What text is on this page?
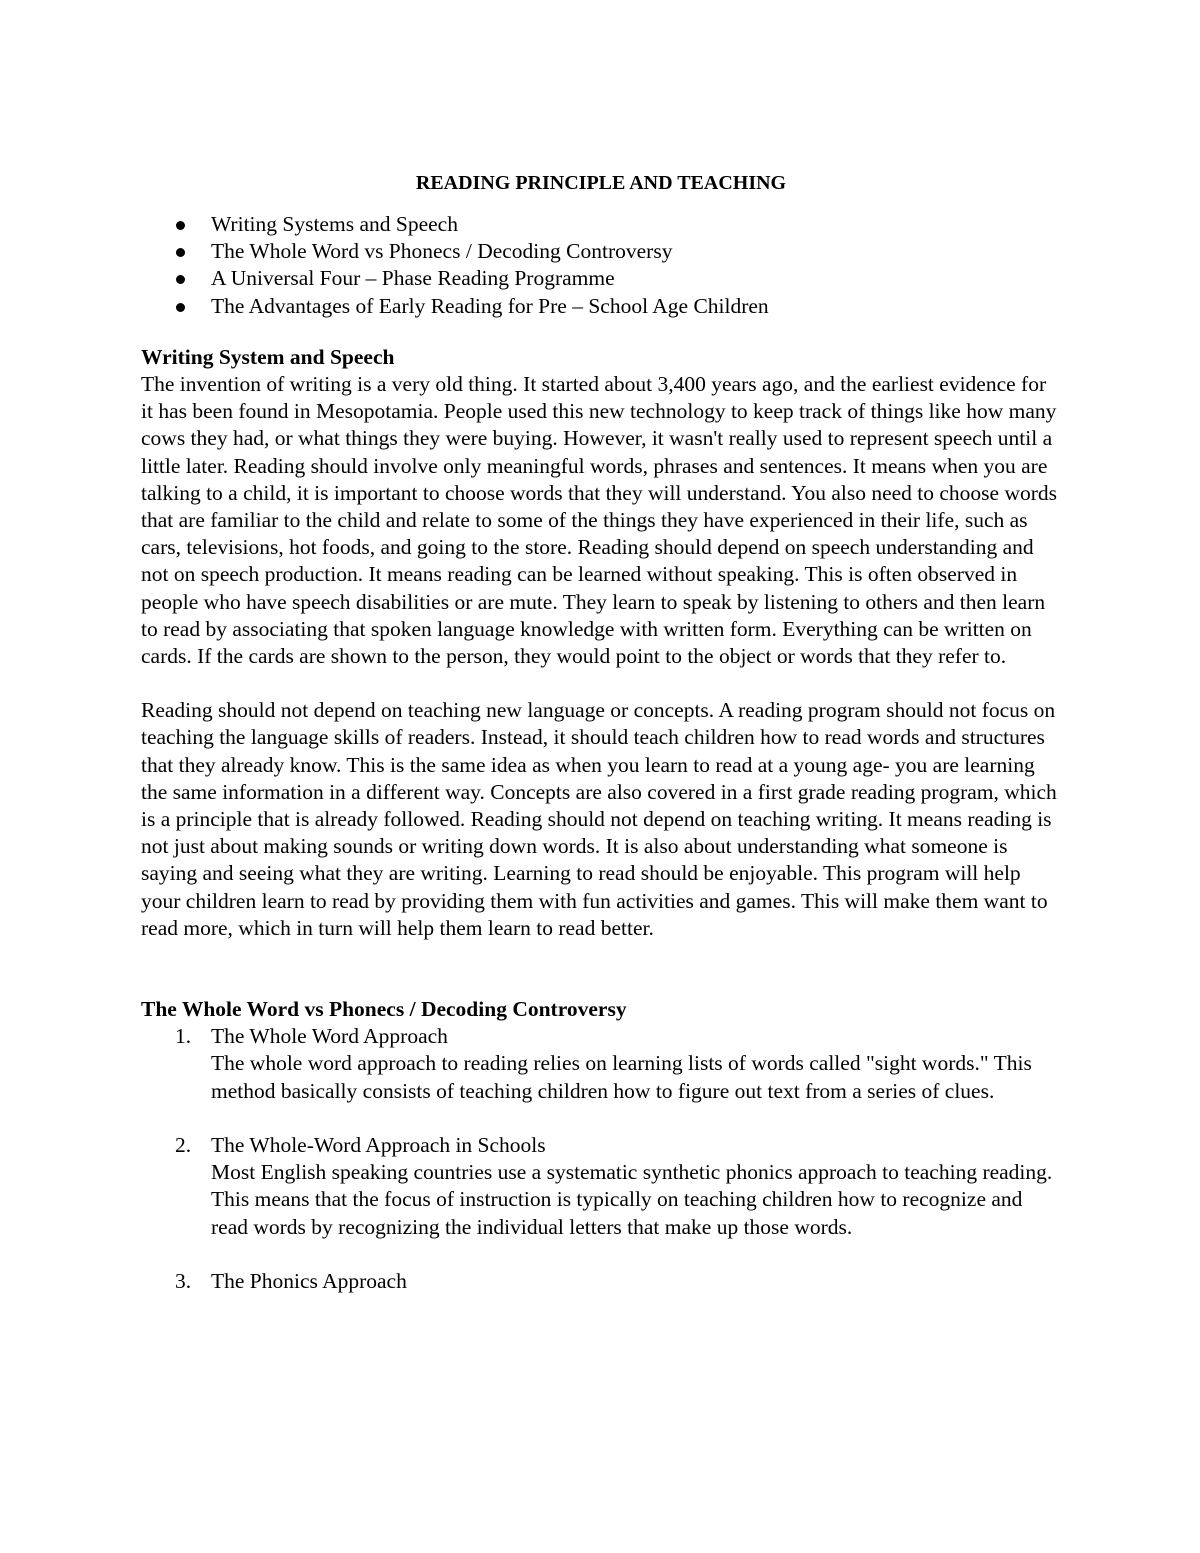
READING PRINCIPLE AND TEACHING
Writing Systems and Speech
The Whole Word vs Phonecs / Decoding Controversy
A Universal Four – Phase Reading Programme
The Advantages of Early Reading for Pre – School Age Children

Writing System and Speech

The invention of writing is a very old thing. It started about 3,400 years ago, and the earliest evidence for it has been found in Mesopotamia. People used this new technology to keep track of things like how many cows they had, or what things they were buying. However, it wasn't really used to represent speech until a little later. Reading should involve only meaningful words, phrases and sentences. It means when you are talking to a child, it is important to choose words that they will understand. You also need to choose words that are familiar to the child and relate to some of the things they have experienced in their life, such as cars, televisions, hot foods, and going to the store. Reading should depend on speech understanding and not on speech production. It means reading can be learned without speaking. This is often observed in people who have speech disabilities or are mute. They learn to speak by listening to others and then learn to read by associating that spoken language knowledge with written form. Everything can be written on cards. If the cards are shown to the person, they would point to the object or words that they refer to.

Reading should not depend on teaching new language or concepts. A reading program should not focus on teaching the language skills of readers. Instead, it should teach children how to read words and structures that they already know. This is the same idea as when you learn to read at a young age- you are learning the same information in a different way. Concepts are also covered in a first grade reading program, which is a principle that is already followed. Reading should not depend on teaching writing. It means reading is not just about making sounds or writing down words. It is also about understanding what someone is saying and seeing what they are writing. Learning to read should be enjoyable. This program will help your children learn to read by providing them with fun activities and games. This will make them want to read more, which in turn will help them learn to read better.

The Whole Word vs Phonecs / Decoding Controversy

1. The Whole Word Approach

The whole word approach to reading relies on learning lists of words called "sight words." This method basically consists of teaching children how to figure out text from a series of clues.

2. The Whole-Word Approach in Schools

Most English speaking countries use a systematic synthetic phonics approach to teaching reading. This means that the focus of instruction is typically on teaching children how to recognize and read words by recognizing the individual letters that make up those words.

3. The Phonics Approach
